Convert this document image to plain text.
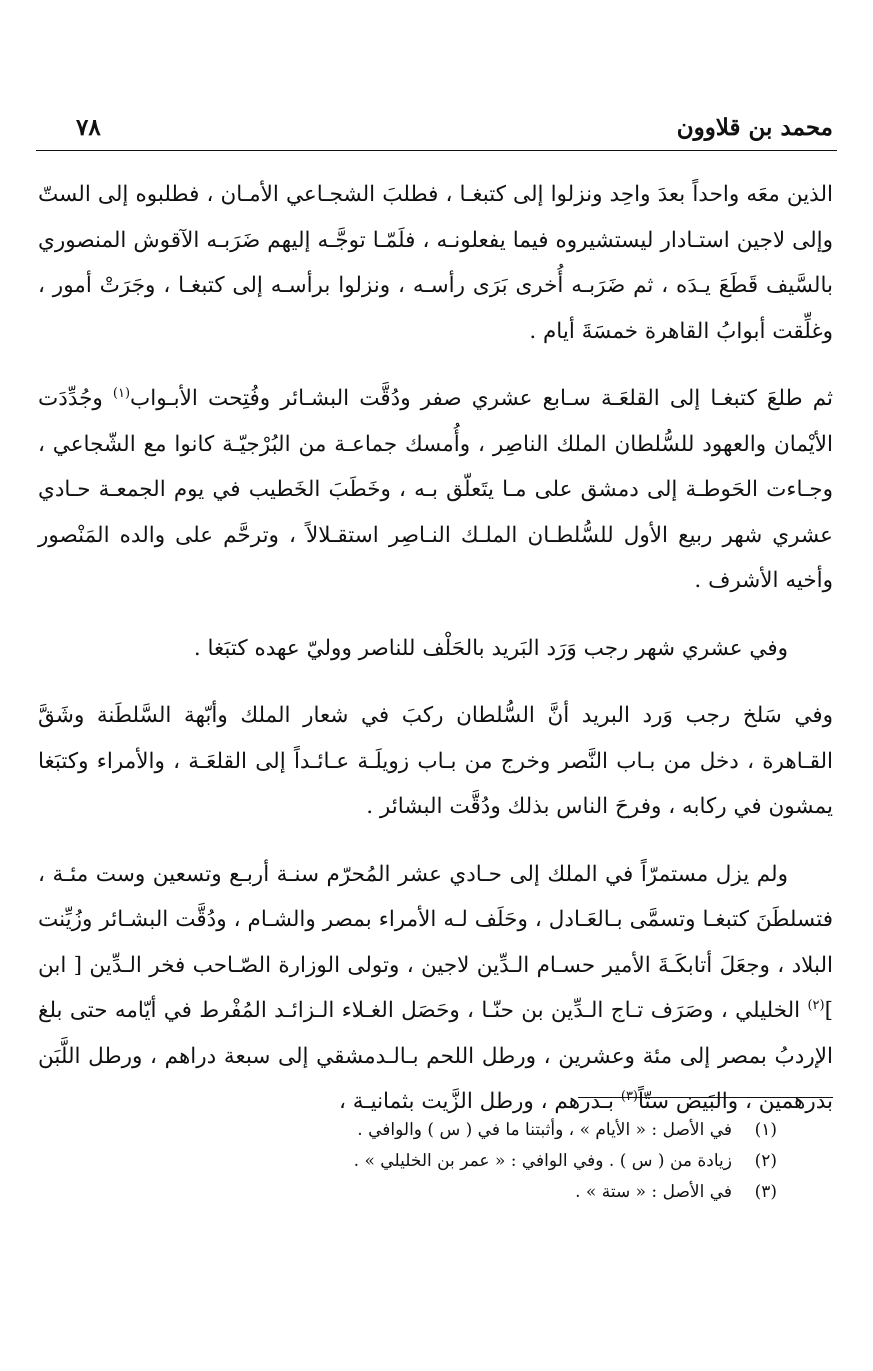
محمد بن قلاوون
٧٨

الذين معَه واحداً بعدَ واحِد ونزلوا إلى كتبغـا ، فطلبَ الشجـاعي الأمـان ، فطلبوه إلى الستّ وإلى لاجين استـادار ليستشيروه فيما يفعلونـه ، فلَمّـا توجَّـه إليهم ضَرَبـه الآقوش المنصوري بالسَّيف قَطَعَ يـدَه ، ثم ضَرَبـه أُخرى بَرَى رأسـه ، ونزلوا برأسـه إلى كتبغـا ، وجَرَتْ أمور ، وغلِّقت أبوابُ القاهرة خمسَةَ أيام .

ثم طلعَ كتبغـا إلى القلعَـة سـابع عشري صفر ودُقَّت البشـائر وفُتِحت الأبـواب$^{(١)}$ وجُدِّدَت الأيْمان والعهود للسُّلطان الملك الناصِر ، وأُمسك جماعـة من البُرْجيّـة كانوا مع الشّجاعي ، وجـاءت الحَوطـة إلى دمشق على مـا يتَعلّق بـه ، وخَطَبَ الخَطيب في يوم الجمعـة حـادي عشري شهر ربيع الأول للسُّلطـان الملـك النـاصِر استقـلالاً ، وترحَّم على والده المَنْصور وأخيه الأشرف .

وفي عشري شهر رجب وَرَد البَريد بالحَلْف للناصر ووليّ عهده كتبَغا .

وفي سَلخ رجب وَرد البريد أنَّ السُّلطان ركبَ في شعار الملك وأبّهة السَّلطَنة وشَقَّ القـاهرة ، دخل من بـاب النَّصر وخرج من بـاب زويلَـة عـائـداً إلى القلعَـة ، والأمراء وكتبَغا يمشون في ركابه ، وفرحَ الناس بذلك ودُقَّت البشائر .

ولم يزل مستمرّاً في الملك إلى حـادي عشر المُحرّم سنـة أربـع وتسعين وست مئـة ، فتسلطَنَ كتبغـا وتسمَّى بـالعَـادل ، وحَلَف لـه الأمراء بمصر والشـام ، ودُقَّت البشـائر وزُيِّنت البلاد ، وجعَلَ أتابكَـةَ الأمير حسـام الـدِّين لاجين ، وتولى الوزارة الصّـاحب فخر الـدِّين [ ابن ]$^{(٢)}$ الخليلي ، وصَرَف تـاج الـدِّين بن حنّـا ، وحَصَل الغـلاء الـزائـد المُفْرط في أيّامه حتى بلغ الإردبُ بمصر إلى مئة وعشرين ، ورطل اللحم بـالـدمشقي إلى سبعة دراهم ، ورطل اللَّبَن بدرهمين ، والبَيض ستّاً$^{(٣)}$ بـدرهم ، ورطل الزَّيت بثمانيـة ،

(١)
في الأصل : « الأيام » ، وأثبتنا ما في ( س ) والوافي .
(٢)
زيادة من ( س ) . وفي الوافي : « عمر بن الخليلي » .
(٣)
في الأصل : « ستة » .
